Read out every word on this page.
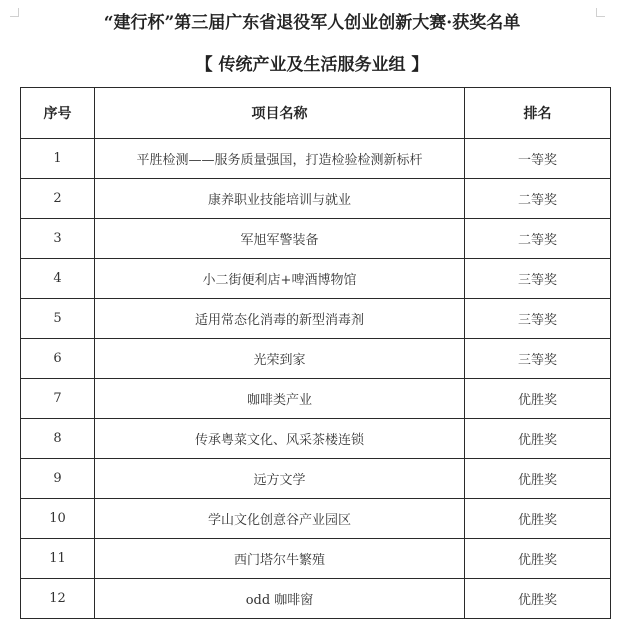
“建行杯”第三届广东省退役军人创业创新大赛·获奖名单
【 传统产业及生活服务业组 】
序号	项目名称	排名
1	平胜检测——服务质量强国，打造检验检测新标杆	一等奖
2	康养职业技能培训与就业	二等奖
3	军旭军警装备	二等奖
4	小二街便利店+啤酒博物馆	三等奖
5	适用常态化消毒的新型消毒剂	三等奖
6	光荣到家	三等奖
7	咖啡类产业	优胜奖
8	传承粤菜文化、风采茶楼连锁	优胜奖
9	远方文学	优胜奖
10	学山文化创意谷产业园区	优胜奖
11	西门塔尔牛繁殖	优胜奖
12	odd 咖啡窗	优胜奖
